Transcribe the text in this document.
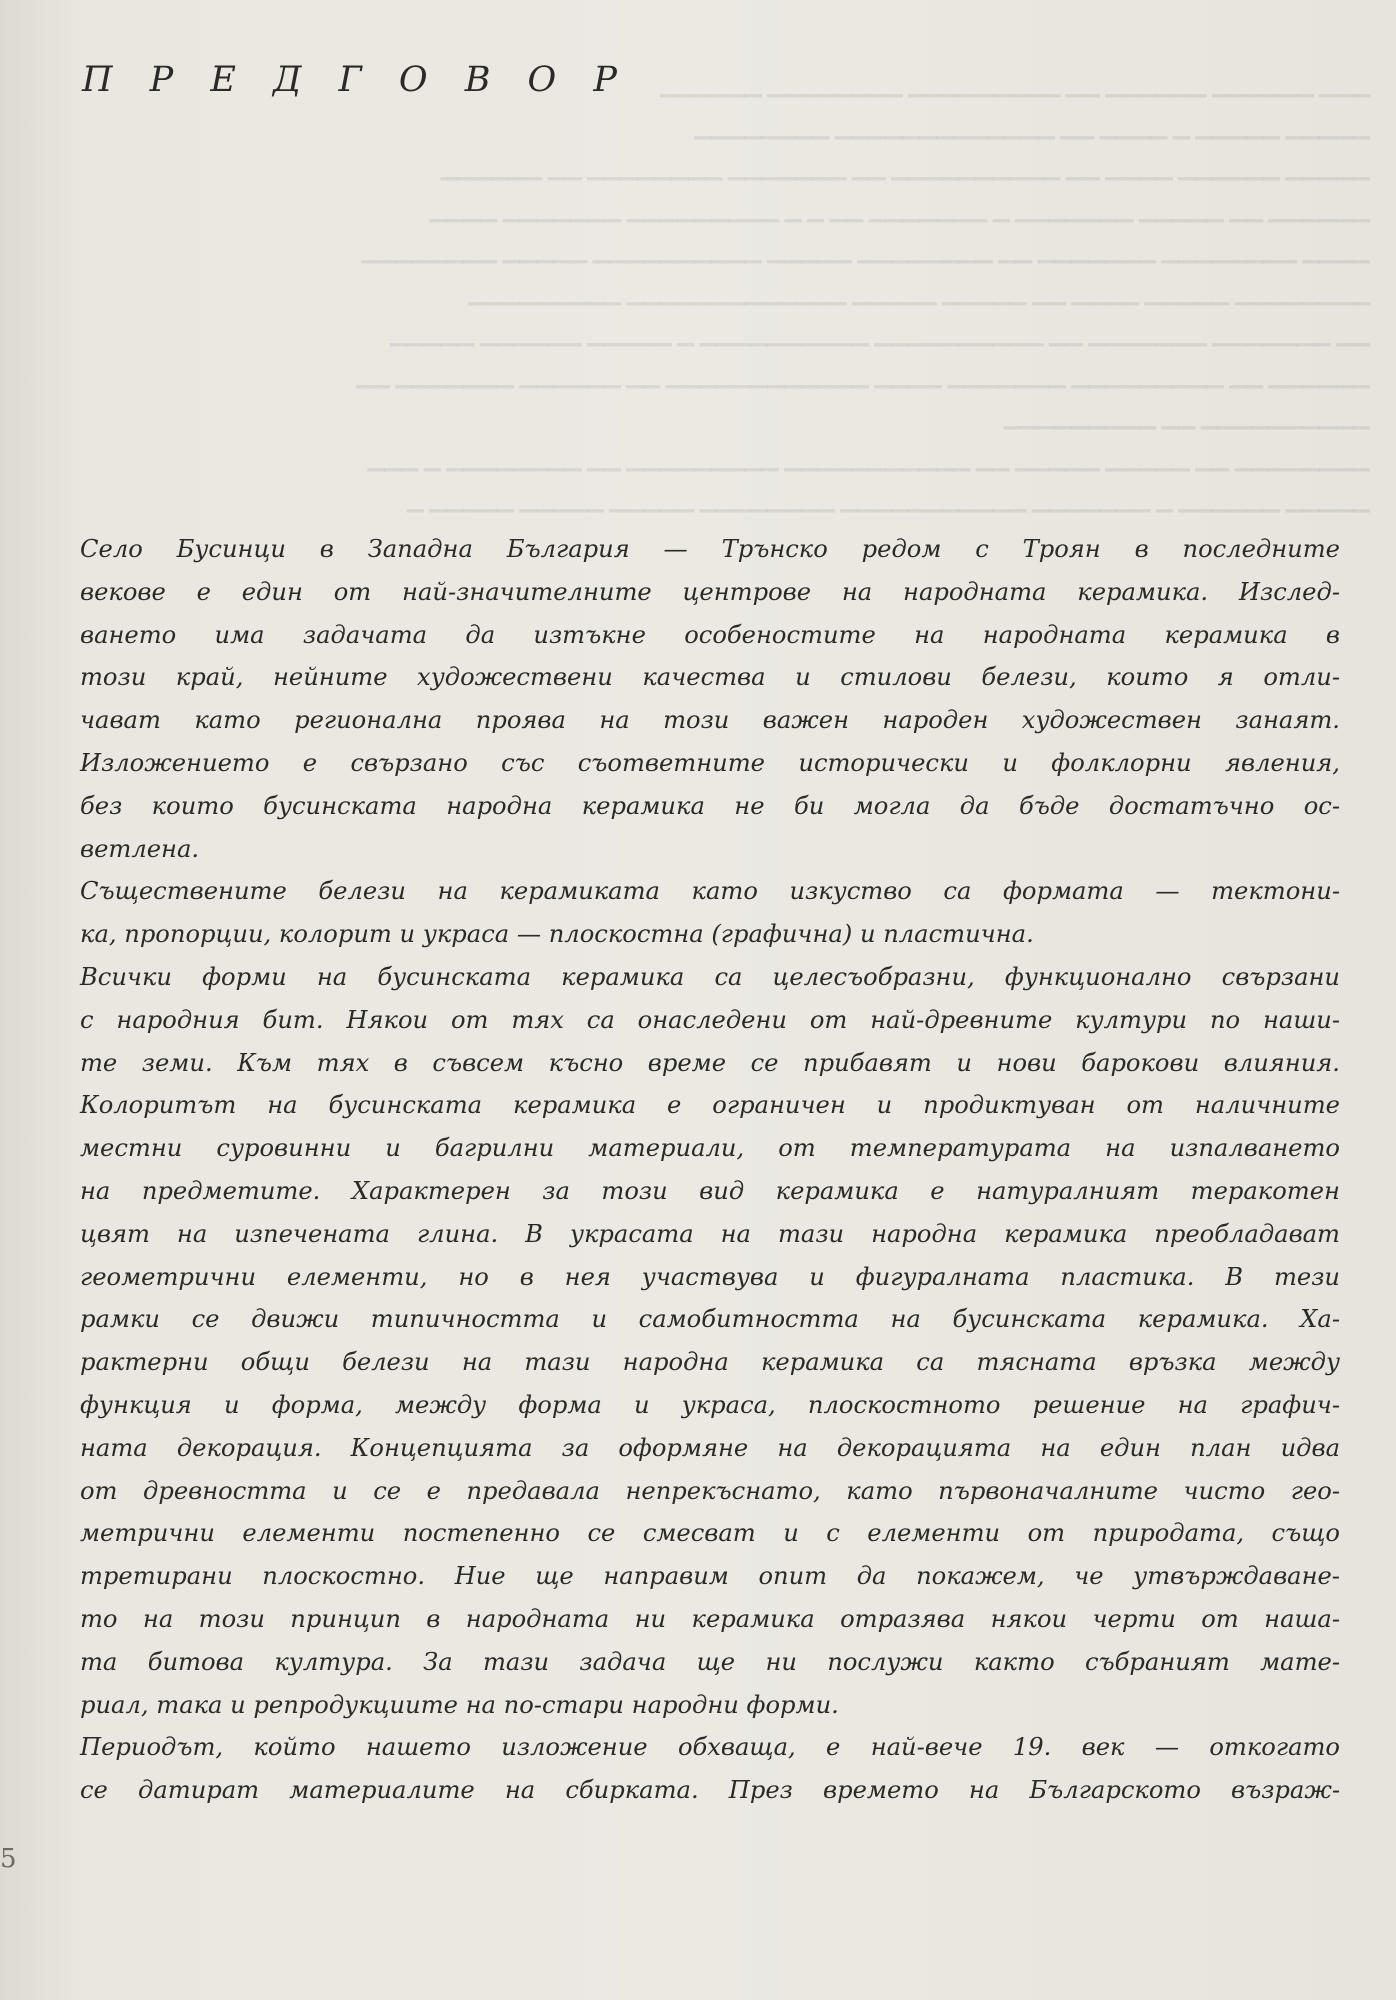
▁▁▁ ▁▁▁▁▁▁ ▁▁▁▁▁▁ ▁▁ ▁▁▁▁▁▁▁▁▁ ▁▁▁▁▁▁▁▁ ▁▁▁▁▁▁
▁▁▁▁▁ ▁▁▁▁▁ ▁ ▁▁▁▁ ▁▁ ▁▁▁▁▁▁▁▁▁▁▁▁▁ ▁▁▁▁▁▁▁▁
▁▁▁▁▁ ▁▁▁▁▁▁ ▁▁▁▁ ▁▁ ▁▁▁▁▁▁▁▁▁▁ ▁▁ ▁▁▁▁▁▁▁ ▁▁▁▁▁▁▁▁ ▁▁ ▁▁▁▁▁▁
▁▁▁▁▁▁ ▁▁ ▁▁▁▁▁ ▁▁▁▁▁▁▁ ▁ ▁▁▁▁▁▁▁ ▁▁ ▁ ▁ ▁▁▁▁▁▁▁▁▁ ▁▁▁▁▁▁▁ ▁▁▁▁
▁▁▁▁ ▁▁▁▁▁▁▁▁ ▁▁▁▁▁▁▁ ▁▁ ▁▁▁▁▁▁▁▁ ▁▁▁▁▁ ▁▁▁▁▁▁▁▁▁▁ ▁▁▁▁▁ ▁▁▁▁▁▁▁▁
▁▁▁▁▁▁▁▁ ▁▁▁▁▁ ▁▁▁▁ ▁▁ ▁▁▁▁▁ ▁▁▁▁▁ ▁▁▁▁▁▁▁▁▁▁▁▁▁ ▁▁▁▁▁▁▁▁▁
▁▁ ▁▁▁▁▁▁▁ ▁▁▁▁▁▁▁ ▁▁ ▁▁▁▁▁▁▁▁▁▁ ▁▁▁▁▁▁▁▁▁▁ ▁ ▁▁▁▁▁ ▁▁▁▁▁▁ ▁▁▁▁▁
▁▁▁▁▁▁ ▁▁ ▁▁▁▁▁▁▁▁▁ ▁▁▁▁▁▁▁ ▁▁▁▁ ▁▁▁▁▁▁▁▁▁▁▁▁ ▁▁ ▁▁▁▁▁▁ ▁▁▁▁▁▁▁ ▁▁
▁▁▁▁▁▁▁▁▁▁ ▁▁ ▁▁▁▁▁▁▁▁▁
▁▁▁▁▁▁▁▁ ▁▁ ▁▁▁▁▁ ▁▁▁▁▁ ▁▁ ▁▁▁▁▁▁▁▁▁▁▁ ▁▁▁▁▁▁▁▁▁ ▁▁ ▁▁▁▁▁▁▁▁ ▁ ▁▁▁
▁▁▁▁▁ ▁▁▁▁▁▁ ▁ ▁▁▁▁▁▁▁ ▁▁▁▁▁▁▁▁▁▁▁ ▁▁▁▁▁▁▁▁ ▁▁▁▁▁ ▁▁▁▁▁ ▁▁▁▁▁ ▁
П Р Е Д Г О В О Р
Село Бусинци в Западна България — Трънско редом с Троян в последните
векове е един от най-значителните центрове на народната керамика. Изслед-
ването има задачата да изтъкне особеностите на народната керамика в
този край, нейните художествени качества и стилови белези, които я отли-
чават като регионална проява на този важен народен художествен занаят.
Изложението е свързано със съответните исторически и фолклорни явления,
без които бусинската народна керамика не би могла да бъде достатъчно ос-
ветлена.
Съществените белези на керамиката като изкуство са формата — тектони-
ка, пропорции, колорит и украса — плоскостна (графична) и пластична.
Всички форми на бусинската керамика са целесъобразни, функционално свързани
с народния бит. Някои от тях са онаследени от най-древните култури по наши-
те земи. Към тях в съвсем късно време се прибавят и нови барокови влияния.
Колоритът на бусинската керамика е ограничен и продиктуван от наличните
местни суровинни и багрилни материали, от температурата на изпалването
на предметите. Характерен за този вид керамика е натуралният теракотен
цвят на изпечената глина. В украсата на тази народна керамика преобладават
геометрични елементи, но в нея участвува и фигуралната пластика. В тези
рамки се движи типичността и самобитността на бусинската керамика. Ха-
рактерни общи белези на тази народна керамика са тясната връзка между
функция и форма, между форма и украса, плоскостното решение на графич-
ната декорация. Концепцията за оформяне на декорацията на един план идва
от древността и се е предавала непрекъснато, като първоначалните чисто гео-
метрични елементи постепенно се смесват и с елементи от природата, също
третирани плоскостно. Ние ще направим опит да покажем, че утвърждаване-
то на този принцип в народната ни керамика отразява някои черти от наша-
та битова култура. За тази задача ще ни послужи както събраният мате-
риал, така и репродукциите на по-стари народни форми.
Периодът, който нашето изложение обхваща, е най-вече 19. век — откогато
се датират материалите на сбирката. През времето на Българското възраж-
5
